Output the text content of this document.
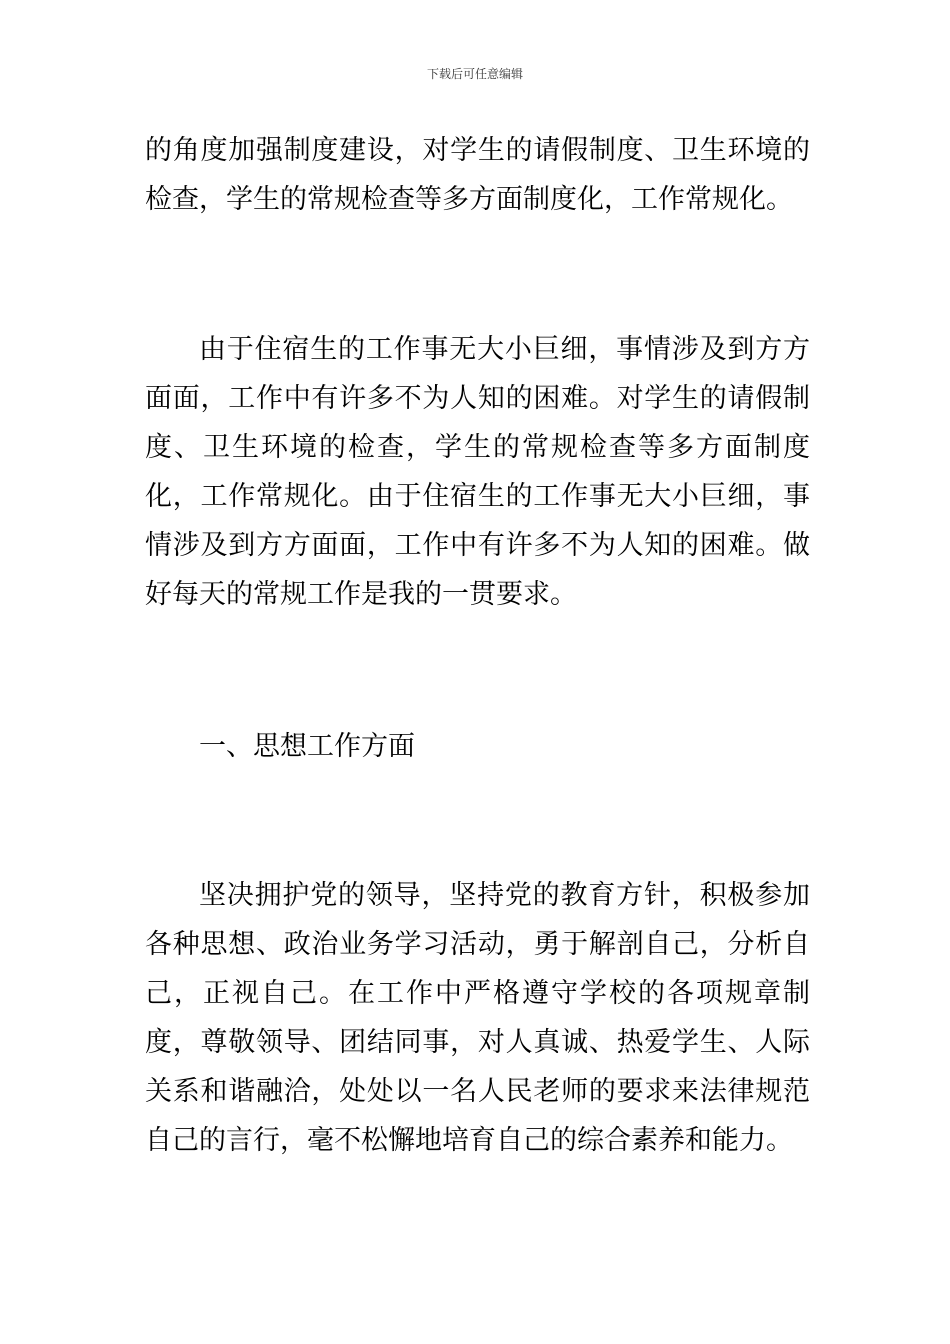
下载后可任意编辑

的角度加强制度建设，对学生的请假制度、卫生环境的检查，学生的常规检查等多方面制度化，工作常规化。

由于住宿生的工作事无大小巨细，事情涉及到方方面面，工作中有许多不为人知的困难。对学生的请假制度、卫生环境的检查，学生的常规检查等多方面制度化，工作常规化。由于住宿生的工作事无大小巨细，事情涉及到方方面面，工作中有许多不为人知的困难。做好每天的常规工作是我的一贯要求。

一、思想工作方面

坚决拥护党的领导，坚持党的教育方针，积极参加各种思想、政治业务学习活动，勇于解剖自己，分析自己，正视自己。在工作中严格遵守学校的各项规章制度，尊敬领导、团结同事，对人真诚、热爱学生、人际关系和谐融洽，处处以一名人民老师的要求来法律规范自己的言行，毫不松懈地培育自己的综合素养和能力。
